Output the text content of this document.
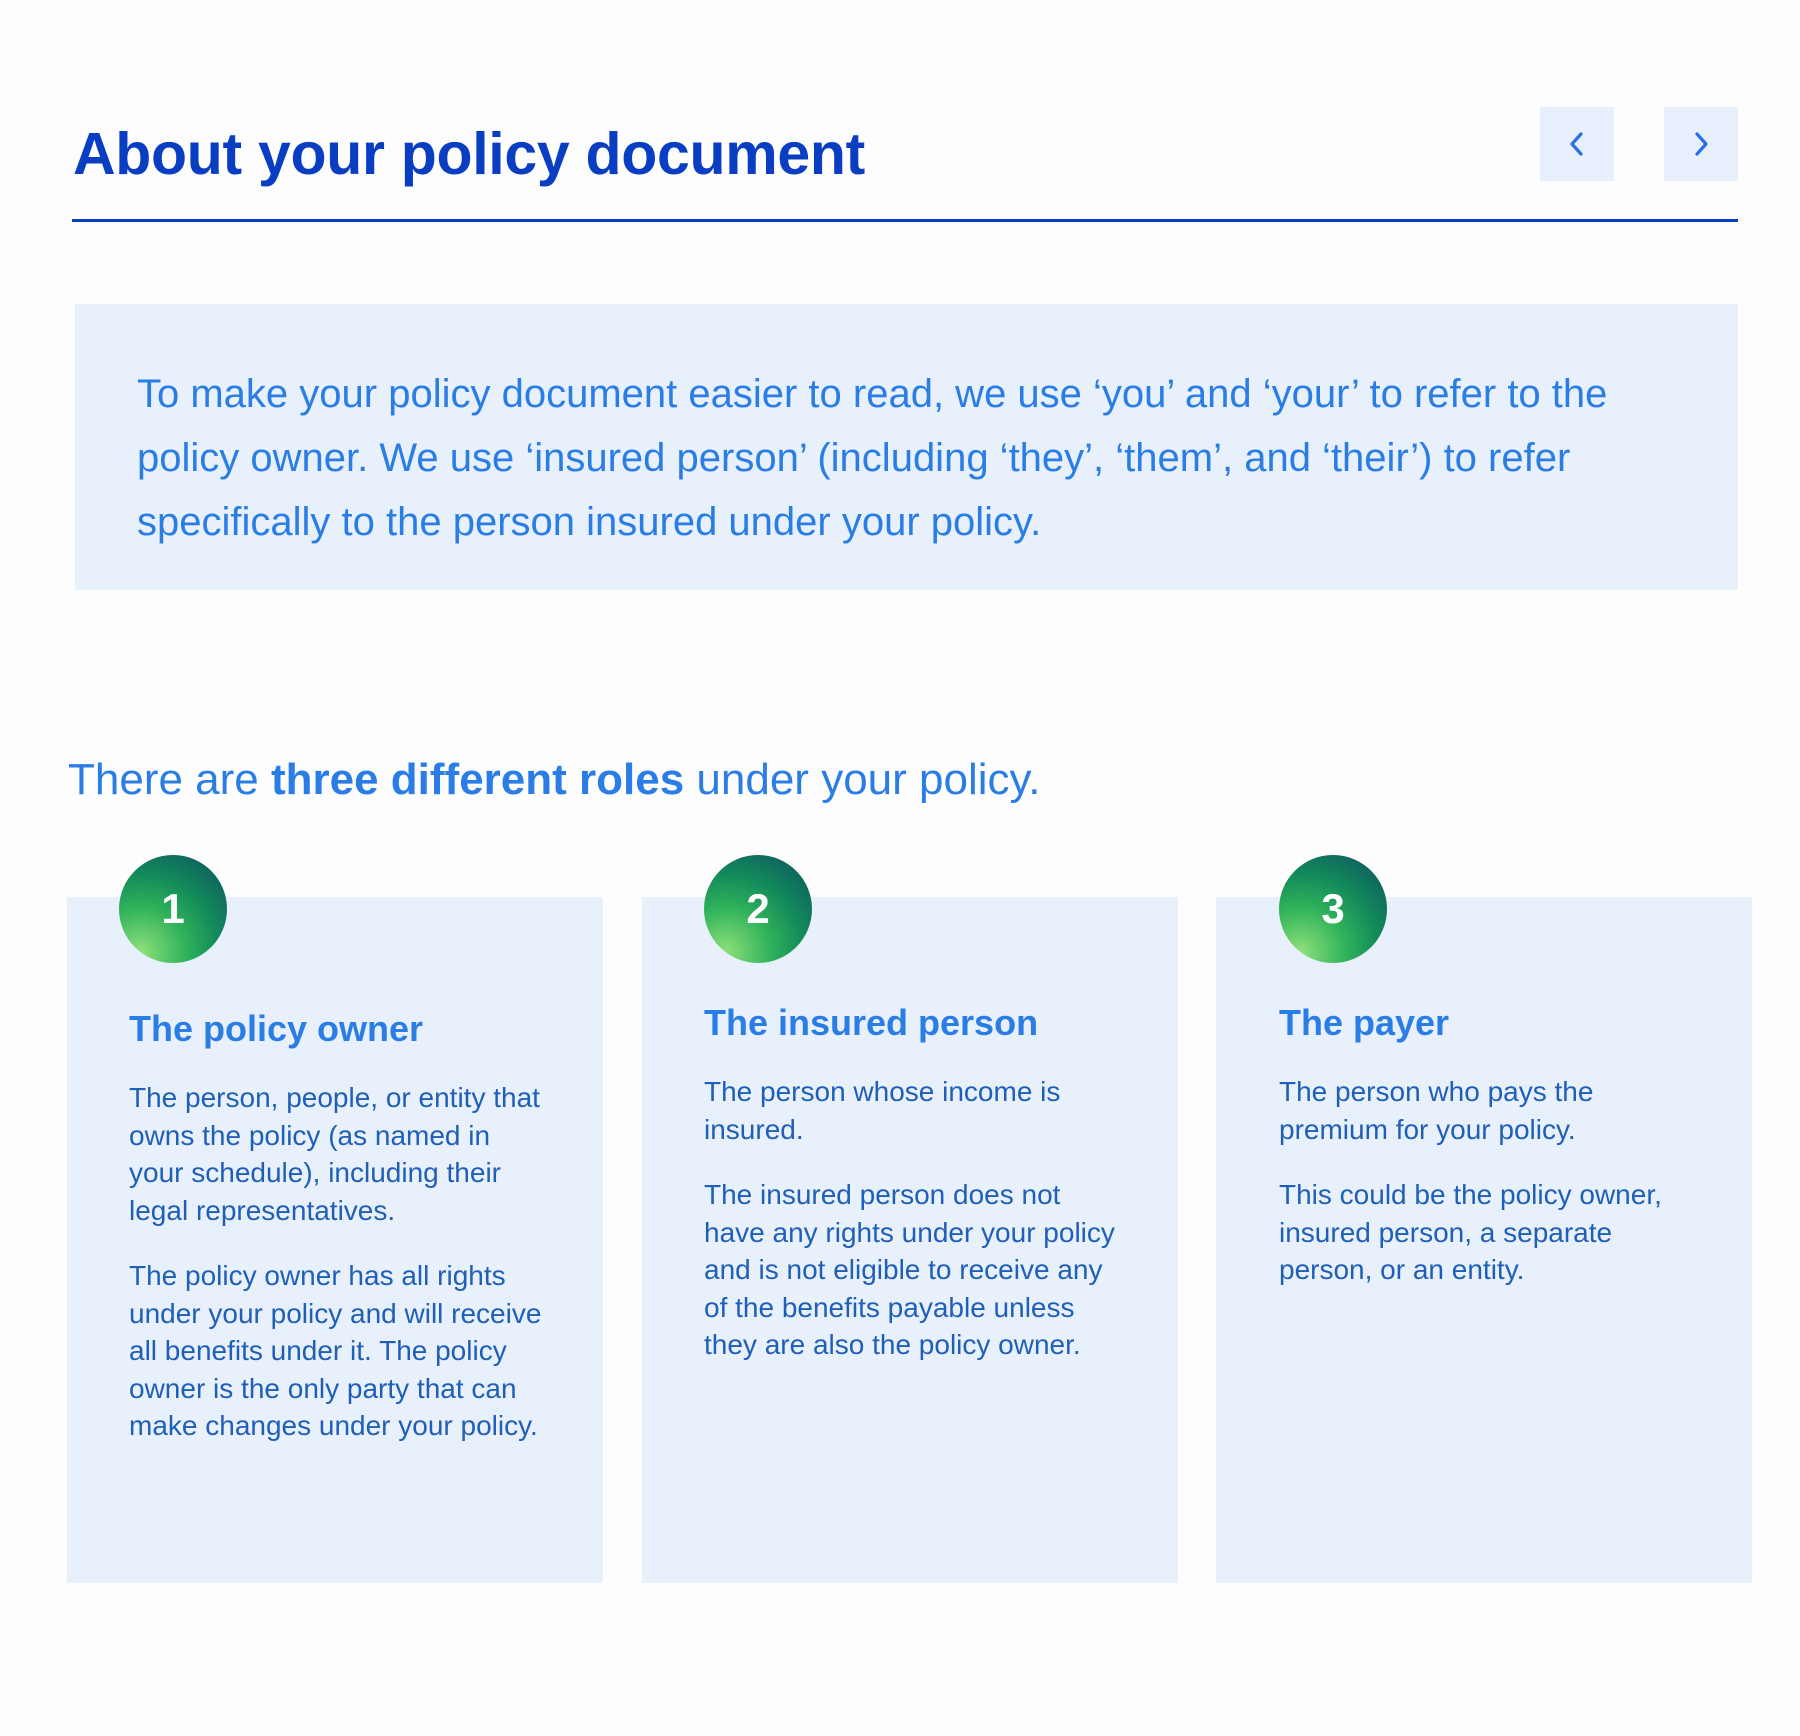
About your policy document

To make your policy document easier to read, we use ‘you’ and ‘your’ to refer to the policy owner. We use ‘insured person’ (including ‘they’, ‘them’, and ‘their’) to refer specifically to the person insured under your policy.

There are three different roles under your policy.

1
The policy owner

The person, people, or entity that owns the policy (as named in your schedule), including their legal representatives.

The policy owner has all rights under your policy and will receive all benefits under it. The policy owner is the only party that can make changes under your policy.

2
The insured person

The person whose income is insured.

The insured person does not have any rights under your policy and is not eligible to receive any of the benefits payable unless they are also the policy owner.

3
The payer

The person who pays the premium for your policy.

This could be the policy owner, insured person, a separate person, or an entity.
